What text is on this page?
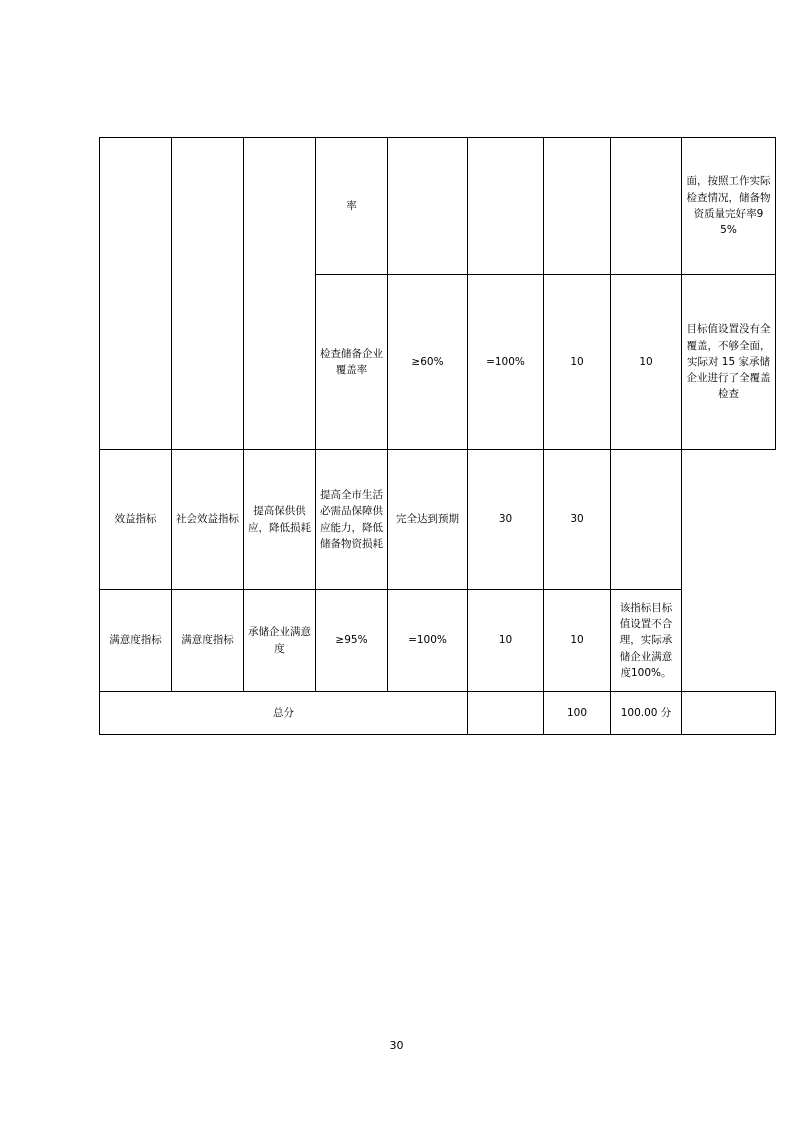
			率					面，按照工作实际检查情况，储备物资质量完好率95%

			检查储备企业覆盖率	≥60%	=100%	10	10	目标值设置没有全覆盖，不够全面，实际对 15 家承储企业进行了全覆盖检查

效益指标	社会效益指标	提高保供供应，降低损耗	提高全市生活必需品保障供应能力，降低储备物资损耗	完全达到预期	30	30		

满意度指标	满意度指标	承储企业满意度	≥95%	=100%	10	10	该指标目标值设置不合理，实际承储企业满意度100%。	

总分						100	100.00 分	

30
